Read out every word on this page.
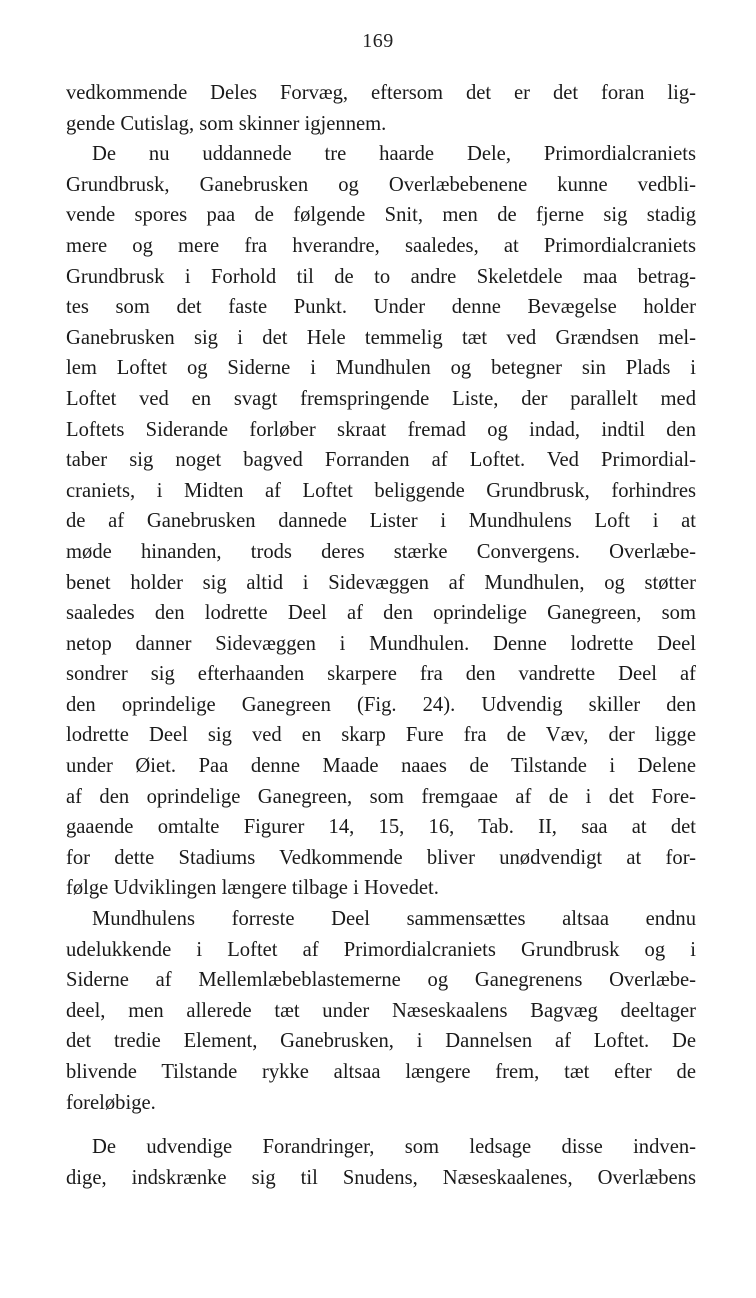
169
vedkommende Deles Forvæg, eftersom det er det foran lig-
gende Cutislag, som skinner igjennem.
De nu uddannede tre haarde Dele, Primordialcraniets
Grundbrusk, Ganebrusken og Overlæbebenene kunne vedbli-
vende spores paa de følgende Snit, men de fjerne sig stadig
mere og mere fra hverandre, saaledes, at Primordialcraniets
Grundbrusk i Forhold til de to andre Skeletdele maa betrag-
tes som det faste Punkt. Under denne Bevægelse holder
Ganebrusken sig i det Hele temmelig tæt ved Grændsen mel-
lem Loftet og Siderne i Mundhulen og betegner sin Plads i
Loftet ved en svagt fremspringende Liste, der parallelt med
Loftets Siderande forløber skraat fremad og indad, indtil den
taber sig noget bagved Forranden af Loftet. Ved Primordial-
craniets, i Midten af Loftet beliggende Grundbrusk, forhindres
de af Ganebrusken dannede Lister i Mundhulens Loft i at
møde hinanden, trods deres stærke Convergens. Overlæbe-
benet holder sig altid i Sidevæggen af Mundhulen, og støtter
saaledes den lodrette Deel af den oprindelige Ganegreen, som
netop danner Sidevæggen i Mundhulen. Denne lodrette Deel
sondrer sig efterhaanden skarpere fra den vandrette Deel af
den oprindelige Ganegreen (Fig. 24). Udvendig skiller den
lodrette Deel sig ved en skarp Fure fra de Væv, der ligge
under Øiet. Paa denne Maade naaes de Tilstande i Delene
af den oprindelige Ganegreen, som fremgaae af de i det Fore-
gaaende omtalte Figurer 14, 15, 16, Tab. II, saa at det
for dette Stadiums Vedkommende bliver unødvendigt at for-
følge Udviklingen længere tilbage i Hovedet.
Mundhulens forreste Deel sammensættes altsaa endnu
udelukkende i Loftet af Primordialcraniets Grundbrusk og i
Siderne af Mellemlæbeblastemerne og Ganegrenens Overlæbe-
deel, men allerede tæt under Næseskaalens Bagvæg deeltager
det tredie Element, Ganebrusken, i Dannelsen af Loftet. De
blivende Tilstande rykke altsaa længere frem, tæt efter de
foreløbige.
De udvendige Forandringer, som ledsage disse indven-
dige, indskrænke sig til Snudens, Næseskaalenes, Overlæbens
